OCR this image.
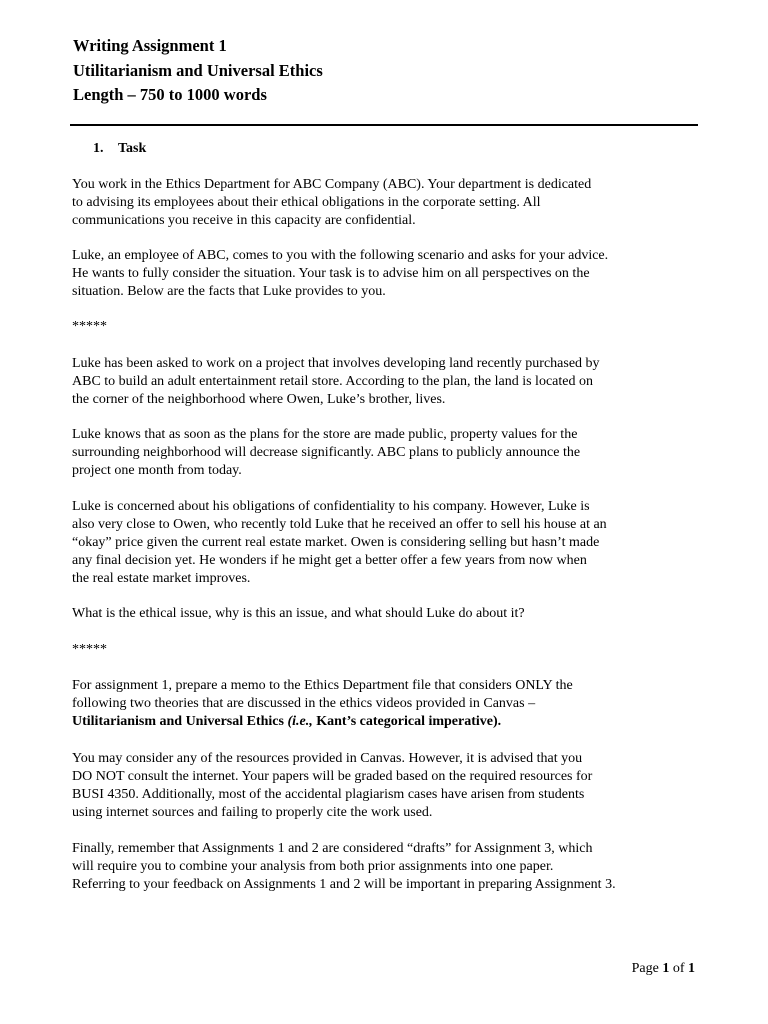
Writing Assignment 1
Utilitarianism and Universal Ethics
Length – 750 to 1000 words
1. Task
You work in the Ethics Department for ABC Company (ABC). Your department is dedicated
to advising its employees about their ethical obligations in the corporate setting. All
communications you receive in this capacity are confidential.
Luke, an employee of ABC, comes to you with the following scenario and asks for your advice.
He wants to fully consider the situation. Your task is to advise him on all perspectives on the
situation. Below are the facts that Luke provides to you.
*****
Luke has been asked to work on a project that involves developing land recently purchased by
ABC to build an adult entertainment retail store. According to the plan, the land is located on
the corner of the neighborhood where Owen, Luke’s brother, lives.
Luke knows that as soon as the plans for the store are made public, property values for the
surrounding neighborhood will decrease significantly. ABC plans to publicly announce the
project one month from today.
Luke is concerned about his obligations of confidentiality to his company. However, Luke is
also very close to Owen, who recently told Luke that he received an offer to sell his house at an
“okay” price given the current real estate market. Owen is considering selling but hasn’t made
any final decision yet. He wonders if he might get a better offer a few years from now when
the real estate market improves.
What is the ethical issue, why is this an issue, and what should Luke do about it?
*****
For assignment 1, prepare a memo to the Ethics Department file that considers ONLY the
following two theories that are discussed in the ethics videos provided in Canvas –
Utilitarianism and Universal Ethics (i.e., Kant’s categorical imperative).
You may consider any of the resources provided in Canvas. However, it is advised that you
DO NOT consult the internet. Your papers will be graded based on the required resources for
BUSI 4350. Additionally, most of the accidental plagiarism cases have arisen from students
using internet sources and failing to properly cite the work used.
Finally, remember that Assignments 1 and 2 are considered “drafts” for Assignment 3, which
will require you to combine your analysis from both prior assignments into one paper.
Referring to your feedback on Assignments 1 and 2 will be important in preparing Assignment 3.
Page 1 of 1
